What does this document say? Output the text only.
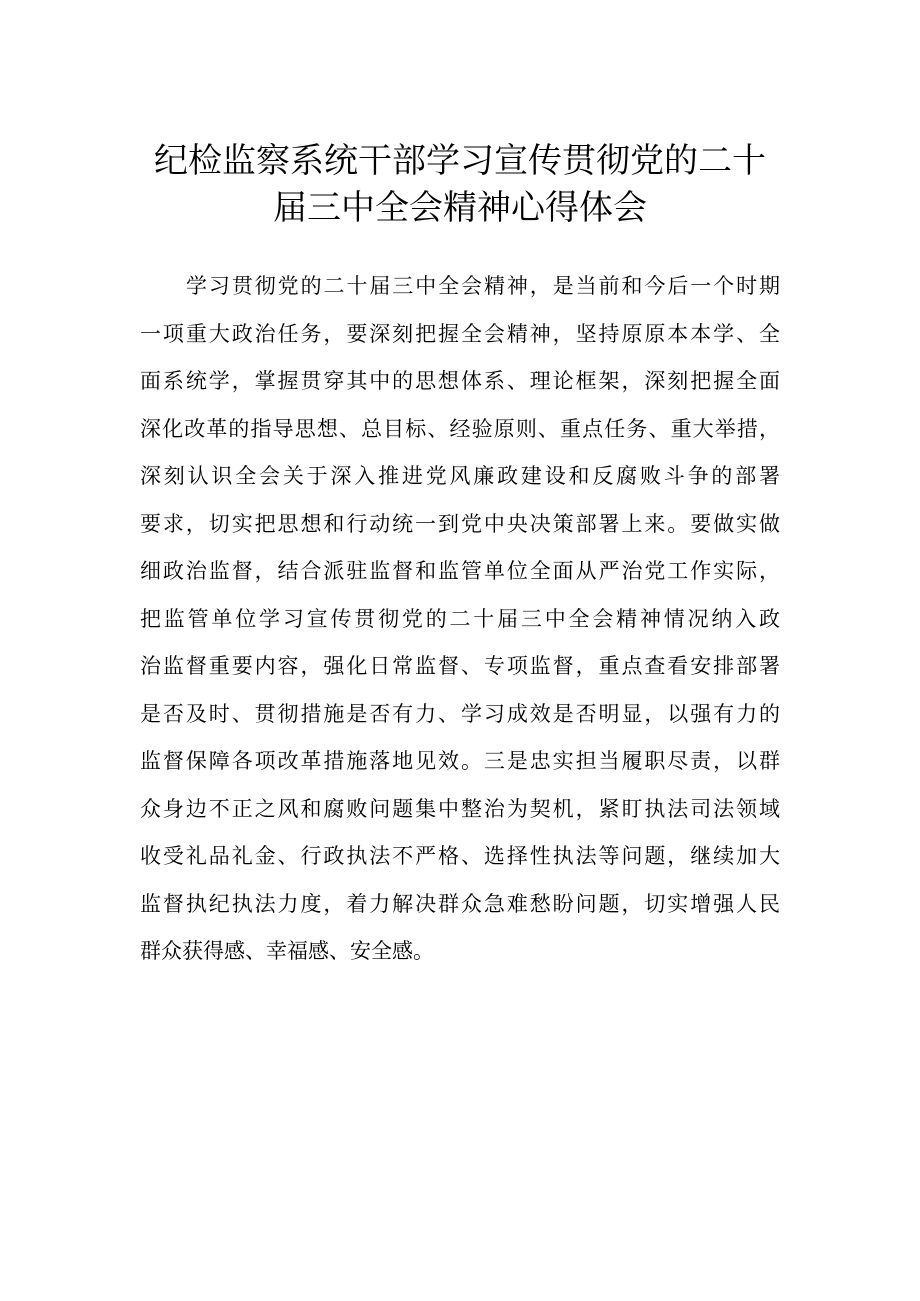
纪检监察系统干部学习宣传贯彻党的二十
届三中全会精神心得体会
学习贯彻党的二十届三中全会精神，是当前和今后一个时期
一项重大政治任务，要深刻把握全会精神，坚持原原本本学、全
面系统学，掌握贯穿其中的思想体系、理论框架，深刻把握全面
深化改革的指导思想、总目标、经验原则、重点任务、重大举措，
深刻认识全会关于深入推进党风廉政建设和反腐败斗争的部署
要求，切实把思想和行动统一到党中央决策部署上来。要做实做
细政治监督，结合派驻监督和监管单位全面从严治党工作实际，
把监管单位学习宣传贯彻党的二十届三中全会精神情况纳入政
治监督重要内容，强化日常监督、专项监督，重点查看安排部署
是否及时、贯彻措施是否有力、学习成效是否明显，以强有力的
监督保障各项改革措施落地见效。三是忠实担当履职尽责，以群
众身边不正之风和腐败问题集中整治为契机，紧盯执法司法领域
收受礼品礼金、行政执法不严格、选择性执法等问题，继续加大
监督执纪执法力度，着力解决群众急难愁盼问题，切实增强人民
群众获得感、幸福感、安全感。
